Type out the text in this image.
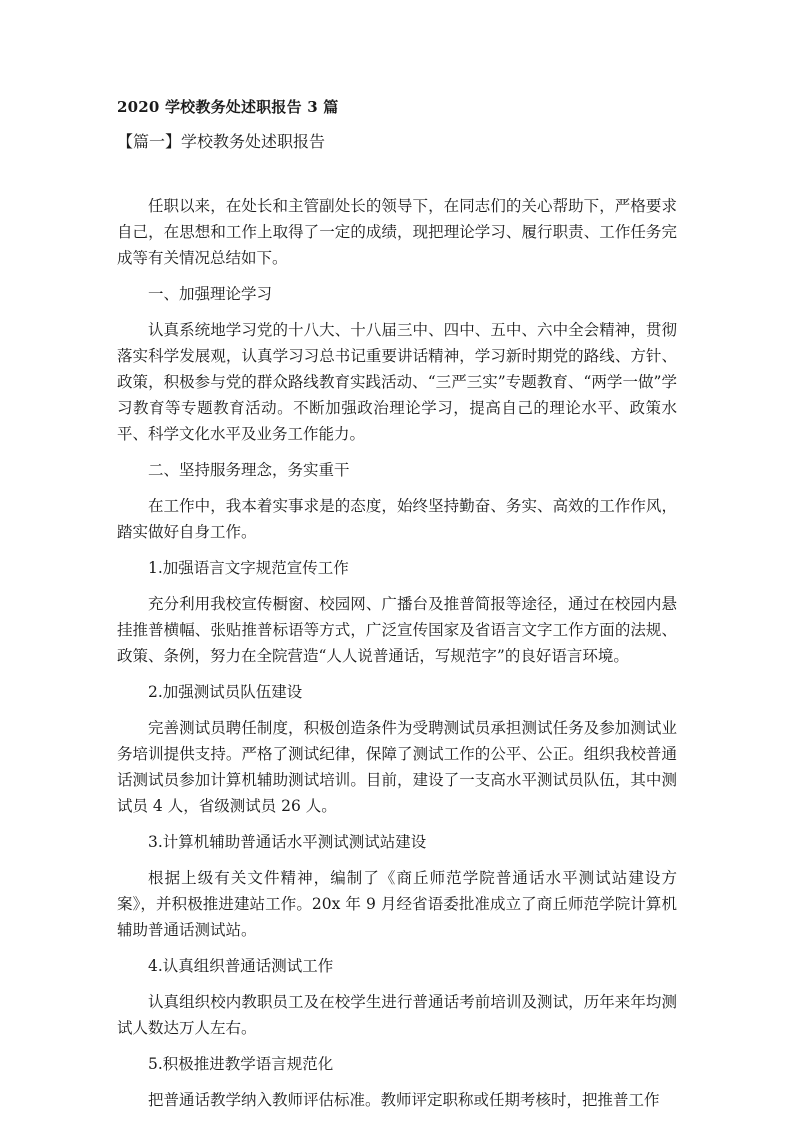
2020 学校教务处述职报告 3 篇
【篇一】学校教务处述职报告

任职以来，在处长和主管副处长的领导下，在同志们的关心帮助下，严格要求自己，在思想和工作上取得了一定的成绩，现把理论学习、履行职责、工作任务完成等有关情况总结如下。

一、加强理论学习

认真系统地学习党的十八大、十八届三中、四中、五中、六中全会精神，贯彻落实科学发展观，认真学习习总书记重要讲话精神，学习新时期党的路线、方针、政策，积极参与党的群众路线教育实践活动、“三严三实”专题教育、“两学一做”学习教育等专题教育活动。不断加强政治理论学习，提高自己的理论水平、政策水平、科学文化水平及业务工作能力。

二、坚持服务理念，务实重干

在工作中，我本着实事求是的态度，始终坚持勤奋、务实、高效的工作作风，踏实做好自身工作。

1.加强语言文字规范宣传工作

充分利用我校宣传橱窗、校园网、广播台及推普简报等途径，通过在校园内悬挂推普横幅、张贴推普标语等方式，广泛宣传国家及省语言文字工作方面的法规、政策、条例，努力在全院营造“人人说普通话，写规范字”的良好语言环境。

2.加强测试员队伍建设

完善测试员聘任制度，积极创造条件为受聘测试员承担测试任务及参加测试业务培训提供支持。严格了测试纪律，保障了测试工作的公平、公正。组织我校普通话测试员参加计算机辅助测试培训。目前，建设了一支高水平测试员队伍，其中测试员 4 人，省级测试员 26 人。

3.计算机辅助普通话水平测试测试站建设

根据上级有关文件精神，编制了《商丘师范学院普通话水平测试站建设方案》，并积极推进建站工作。20x 年 9 月经省语委批准成立了商丘师范学院计算机辅助普通话测试站。

4.认真组织普通话测试工作

认真组织校内教职员工及在校学生进行普通话考前培训及测试，历年来年均测试人数达万人左右。

5.积极推进教学语言规范化

把普通话教学纳入教师评估标准。教师评定职称或任期考核时，把推普工作
